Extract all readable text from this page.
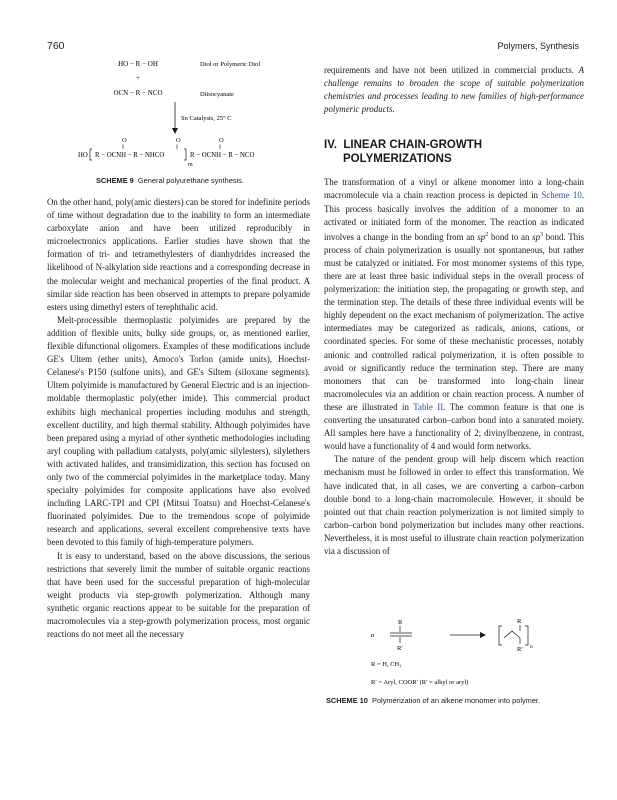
760	Polymers, Synthesis
HO − R − OH	Diol or Polymeric Diol
+
OCN − R − NCO	Diisocyanate
Sn Catalysts, 25° C
O	O	O
‖	‖	‖
HO R − OCNH − R − NHCO	R − OCNH − R − NCO
m
SCHEME 9 General polyurethane synthesis.

On the other hand, poly(amic diesters) can be stored for indefinite periods of time without degradation due to the inability to form an intermediate carboxylate anion and have been utilized reproducibly in microelectronics applications. Earlier studies have shown that the formation of tri- and tetramethylesters of dianhydrides increased the likelihood of N-alkylation side reactions and a corresponding decrease in the molecular weight and mechanical properties of the final product. A similar side reaction has been observed in attempts to prepare polyamide esters using dimethyl esters of terephthalic acid.

Melt-processible thermoplastic polyimides are prepared by the addition of flexible units, bulky side groups, or, as mentioned earlier, flexible difunctional oligomers. Examples of these modifications include GE's Ultem (ether units), Amoco's Torlon (amide units), Hoechst-Celanese's P150 (sulfone units), and GE's Siltem (siloxane segments). Ultem polyimide is manufactured by General Electric and is an injection-moldable thermoplastic poly(ether imide). This commercial product exhibits high mechanical properties including modulus and strength, excellent ductility, and high thermal stability. Although polyimides have been prepared using a myriad of other synthetic methodologies including aryl coupling with palladium catalysts, poly(amic silylesters), silylethers with activated halides, and transimidization, this section has focused on only two of the commercial polyimides in the marketplace today. Many specialty polyimides for composite applications have also evolved including LARC-TPI and CPI (Mitsui Toatsu) and Hoechst-Celanese's fluorinated polyimides. Due to the tremendous scope of polyimide research and applications, several excellent comprehensive texts have been devoted to this family of high-temperature polymers.

It is easy to understand, based on the above discussions, the serious restrictions that severely limit the number of suitable organic reactions that have been used for the successful preparation of high-molecular weight products via step-growth polymerization. Although many synthetic organic reactions appear to be suitable for the preparation of macromolecules via a step-growth polymerization process, most organic reactions do not meet all the necessary

requirements and have not been utilized in commercial products. A challenge remains to broaden the scope of suitable polymerization chemistries and processes leading to new families of high-performance polymeric products.

IV. LINEAR CHAIN-GROWTH
POLYMERIZATIONS

The transformation of a vinyl or alkene monomer into a long-chain macromolecule via a chain reaction process is depicted in Scheme 10. This process basically involves the addition of a monomer to an activated or initiated form of the monomer. The reaction as indicated involves a change in the bonding from an $sp^2$ bond to an $sp^3$ bond. This process of chain polymerization is usually not spontaneous, but rather must be catalyzed or initiated. For most monomer systems of this type, there are at least three basic individual steps in the overall process of polymerization: the initiation step, the propagating or growth step, and the termination step. The details of these three individual events will be highly dependent on the exact mechanism of polymerization. The active intermediates may be categorized as radicals, anions, cations, or coordinated species. For some of these mechanistic processes, notably anionic and controlled radical polymerization, it is often possible to avoid or significantly reduce the termination step. There are many monomers that can be transformed into long-chain linear macromolecules via an addition or chain reaction process. A number of these are illustrated in Table II. The common feature is that one is converting the unsaturated carbon–carbon bond into a saturated moiety. All samples here have a functionality of 2; divinylbenzene, in contrast, would have a functionality of 4 and would form networks.

The nature of the pendent group will help discern which reaction mechanism must be followed in order to effect this transformation. We have indicated that, in all cases, we are converting a carbon–carbon double bond to a long-chain macromolecule. However, it should be pointed out that chain reaction polymerization is not limited simply to carbon–carbon bond polymerization but includes many other reactions. Nevertheless, it is most useful to illustrate chain reaction polymerization via a discussion of

n
R
R′
R
R′ n
R = H, CH₃
R′ = Aryl, COOR′ (R′ = alkyl or aryl)
SCHEME 10 Polymerization of an alkene monomer into polymer.
